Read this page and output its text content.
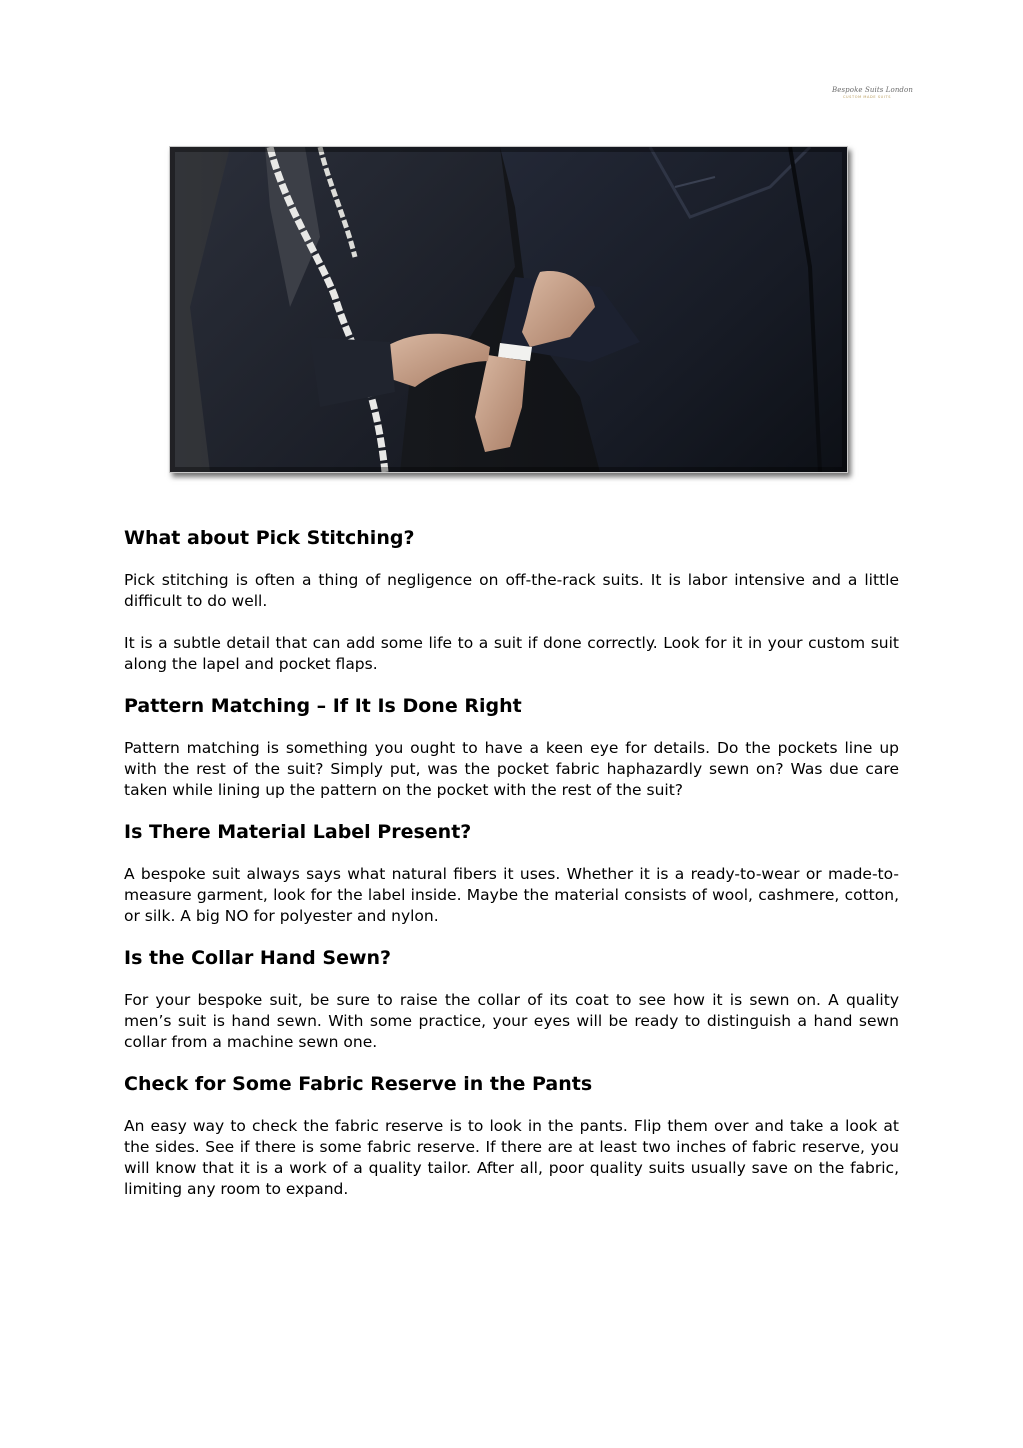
Bespoke Suits London
CUSTOM MADE SUITS
What about Pick Stitching?

Pick stitching is often a thing of negligence on off-the-rack suits. It is labor intensive and a little difficult to do well.

It is a subtle detail that can add some life to a suit if done correctly. Look for it in your custom suit along the lapel and pocket flaps.

Pattern Matching – If It Is Done Right

Pattern matching is something you ought to have a keen eye for details. Do the pockets line up with the rest of the suit? Simply put, was the pocket fabric haphazardly sewn on? Was due care taken while lining up the pattern on the pocket with the rest of the suit?

Is There Material Label Present?

A bespoke suit always says what natural fibers it uses. Whether it is a ready-to-wear or made-to-measure garment, look for the label inside. Maybe the material consists of wool, cashmere, cotton, or silk. A big NO for polyester and nylon.

Is the Collar Hand Sewn?

For your bespoke suit, be sure to raise the collar of its coat to see how it is sewn on. A quality men’s suit is hand sewn. With some practice, your eyes will be ready to distinguish a hand sewn collar from a machine sewn one.

Check for Some Fabric Reserve in the Pants

An easy way to check the fabric reserve is to look in the pants. Flip them over and take a look at the sides. See if there is some fabric reserve. If there are at least two inches of fabric reserve, you will know that it is a work of a quality tailor. After all, poor quality suits usually save on the fabric, limiting any room to expand.
